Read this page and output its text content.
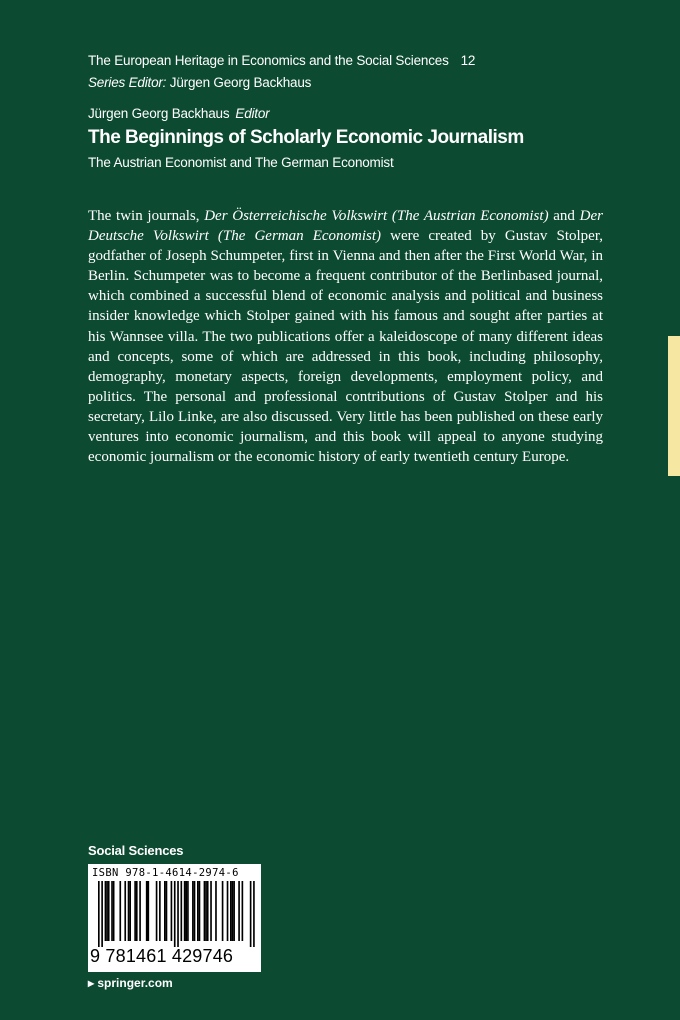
The European Heritage in Economics and the Social Sciences 12
Series Editor: Jürgen Georg Backhaus
Jürgen Georg Backhaus Editor
The Beginnings of Scholarly Economic Journalism
The Austrian Economist and The German Economist

The twin journals, Der Österreichische Volkswirt (The Austrian Economist) and Der Deutsche Volkswirt (The German Economist) were created by Gustav Stolper, godfather of Joseph Schumpeter, first in Vienna and then after the First World War, in Berlin. Schumpeter was to become a frequent contributor of the Berlinbased journal, which combined a successful blend of economic analysis and political and business insider knowledge which Stolper gained with his famous and sought after parties at his Wannsee villa. The two publications offer a kaleidoscope of many different ideas and concepts, some of which are addressed in this book, including philosophy, demography, monetary aspects, foreign developments, employment policy, and politics. The personal and professional contributions of Gustav Stolper and his secretary, Lilo Linke, are also discussed. Very little has been published on these early ventures into economic journalism, and this book will appeal to anyone studying economic journalism or the economic history of early twentieth century Europe.

Social Sciences
ISBN 978-1-4614-2974-6
9 781461 429746
▸ springer.com
